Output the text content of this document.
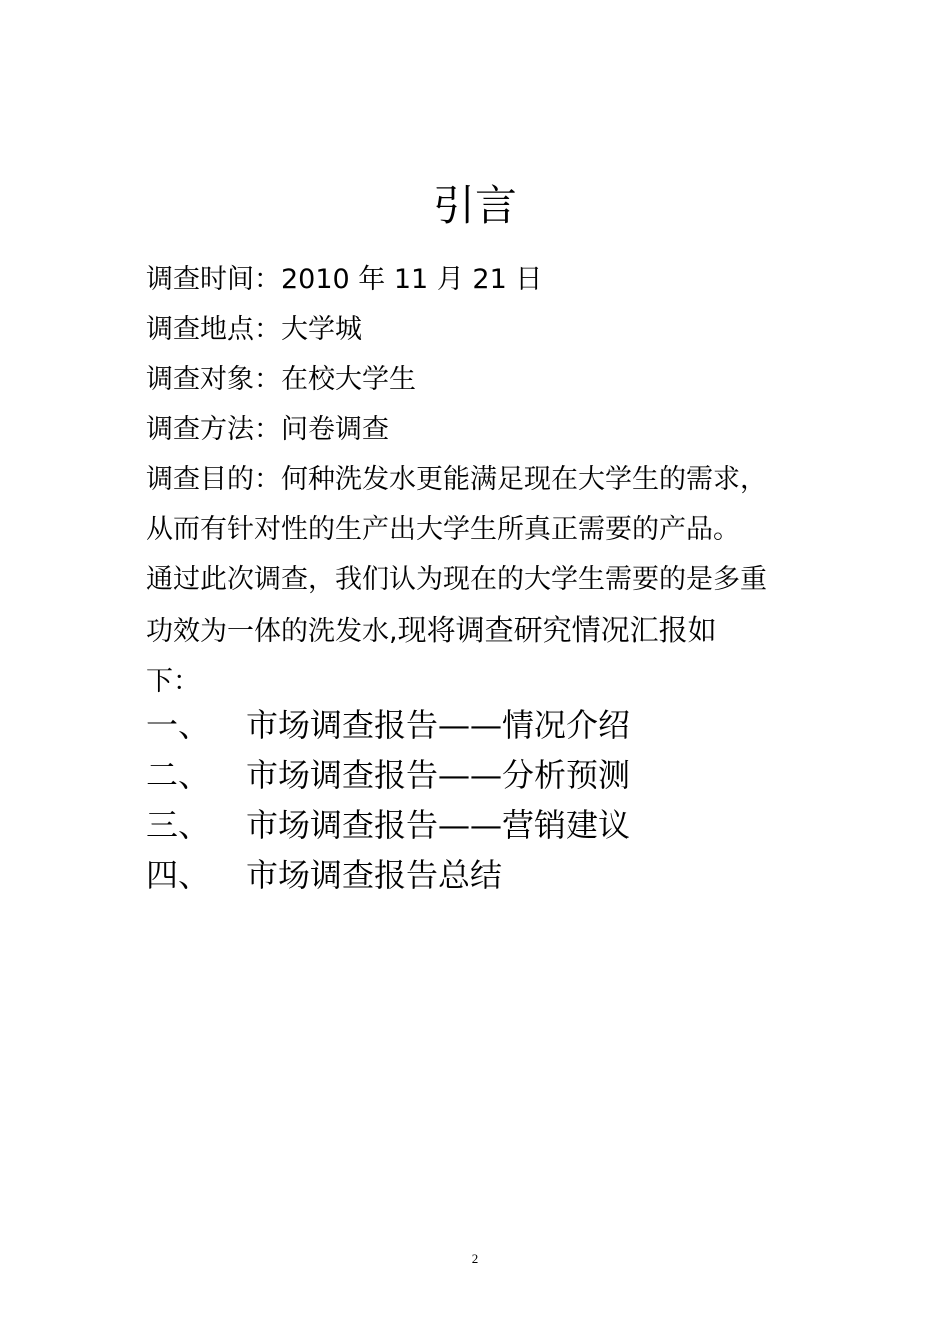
引言
调查时间：2010 年 11 月 21 日
调查地点：大学城
调查对象：在校大学生
调查方法：问卷调查
调查目的：何种洗发水更能满足现在大学生的需求，
从而有针对性的生产出大学生所真正需要的产品。
通过此次调查，我们认为现在的大学生需要的是多重
功效为一体的洗发水,现将调查研究情况汇报如
下：
一、	市场调查报告——情况介绍
二、	市场调查报告——分析预测
三、	市场调查报告——营销建议
四、	市场调查报告总结
2
